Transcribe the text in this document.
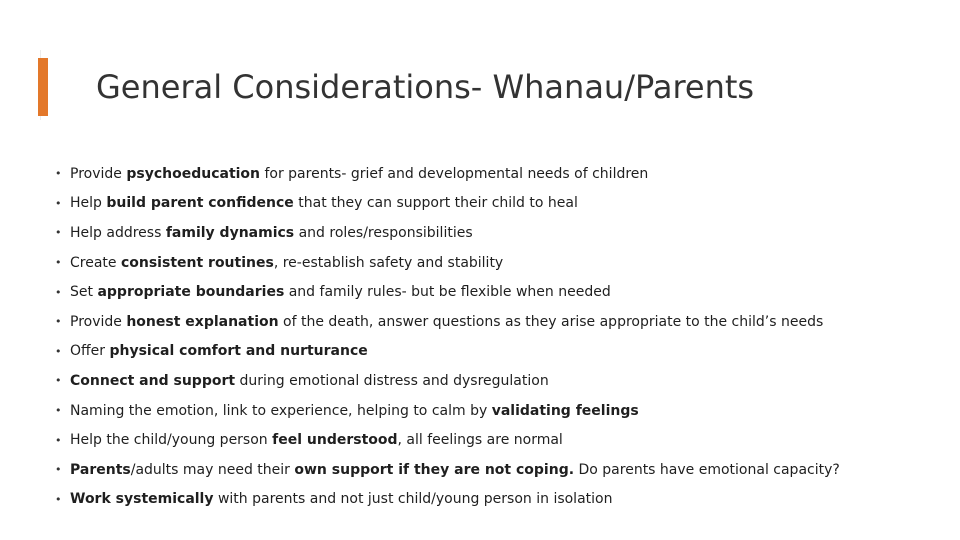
General Considerations- Whanau/Parents
• Provide psychoeducation for parents- grief and developmental needs of children
• Help build parent confidence that they can support their child to heal
• Help address family dynamics and roles/responsibilities
• Create consistent routines, re-establish safety and stability
• Set appropriate boundaries and family rules- but be flexible when needed
• Provide honest explanation of the death, answer questions as they arise appropriate to the child’s needs
• Offer physical comfort and nurturance
• Connect and support during emotional distress and dysregulation
• Naming the emotion, link to experience, helping to calm by validating feelings
• Help the child/young person feel understood, all feelings are normal
• Parents/adults may need their own support if they are not coping. Do parents have emotional capacity?
• Work systemically with parents and not just child/young person in isolation
